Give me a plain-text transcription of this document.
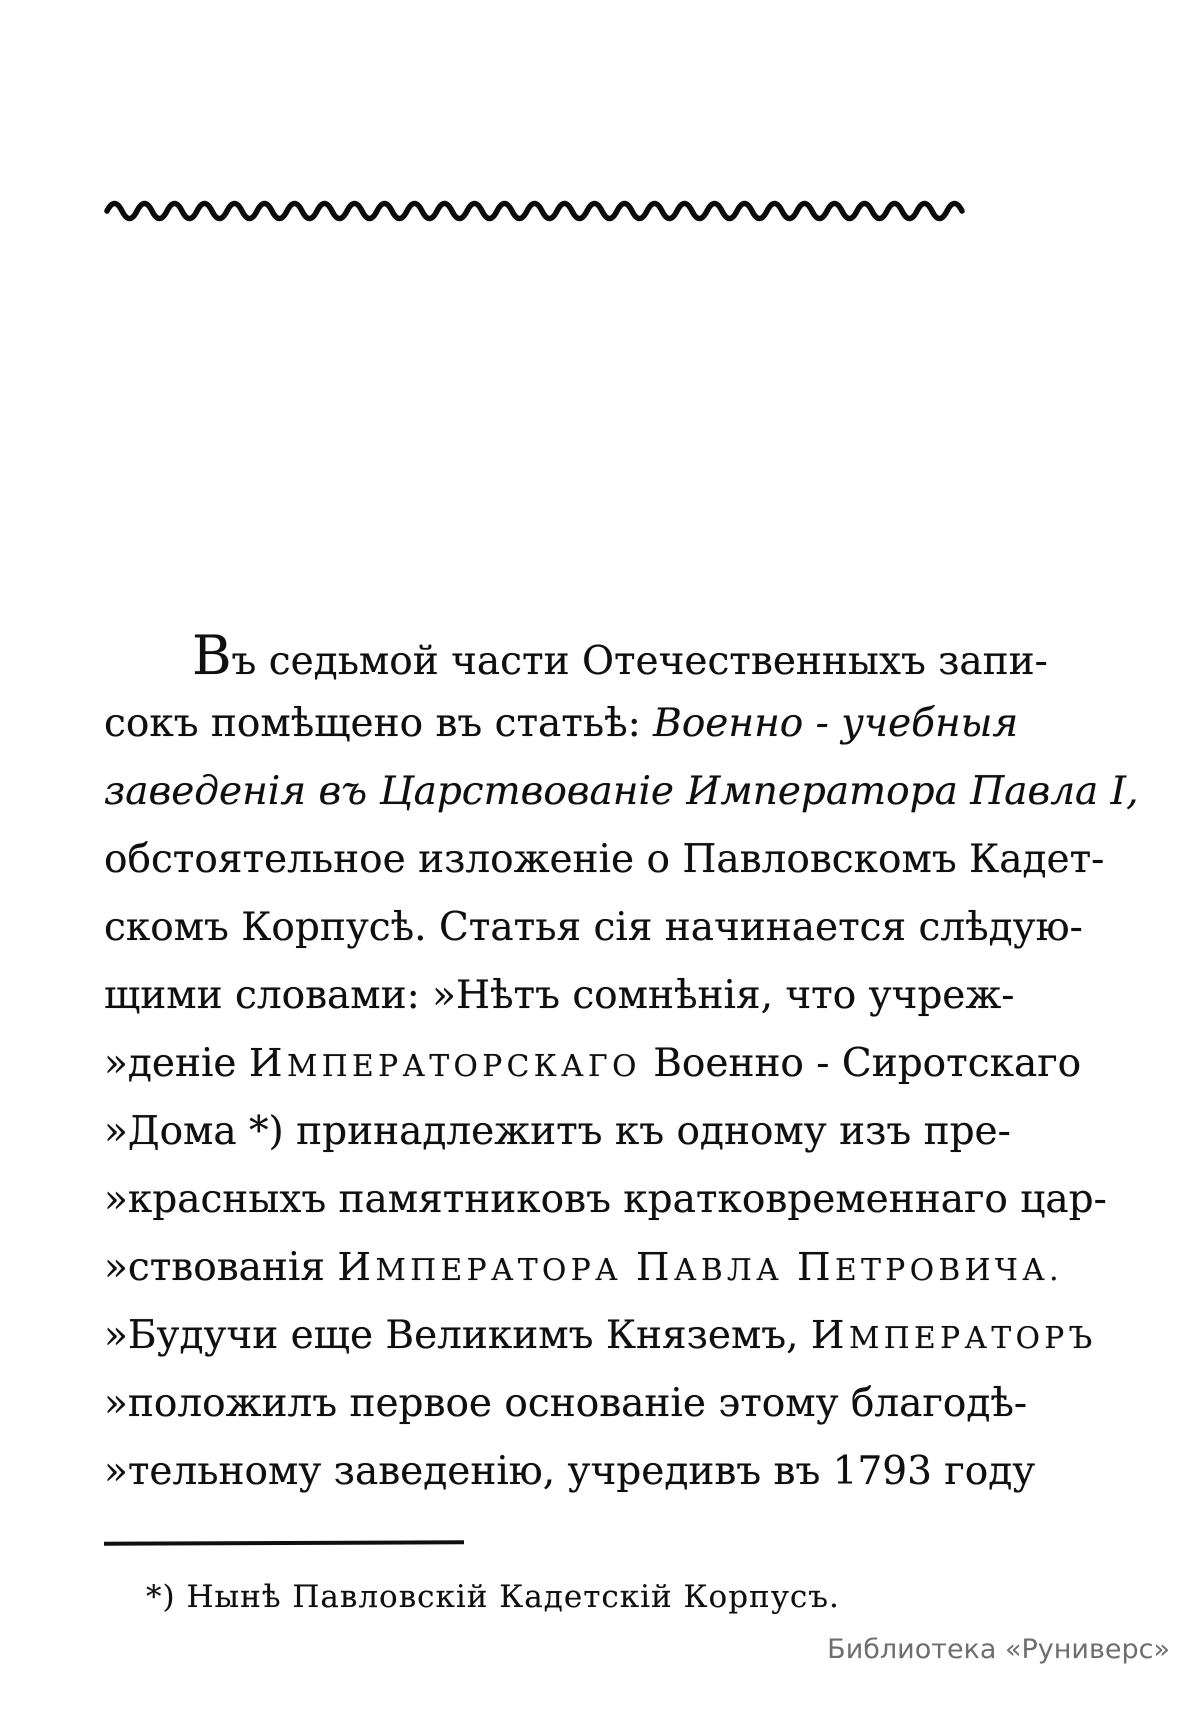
Въ седьмой части Отечественныхъ запи-
сокъ помѣщено въ статьѣ: Военно - учебныя
заведенія въ Царствованіе Императора Павла I,
обстоятельное изложеніе о Павловскомъ Кадет-
скомъ Корпусѣ. Статья сія начинается слѣдую-
щими словами: »Нѣтъ сомнѣнія, что учреж-
»деніе ИМПЕРАТОРСКАГО Военно - Сиротскаго
»Дома *) принадлежитъ къ одному изъ пре-
»красныхъ памятниковъ кратковременнаго цар-
»ствованія ИМПЕРАТОРА ПАВЛА ПЕТРОВИЧА.
»Будучи еще Великимъ Княземъ, ИМПЕРАТОРЪ
»положилъ первое основаніе этому благодѣ-
»тельному заведенію, учредивъ въ 1793 году
*) Нынѣ Павловскій Кадетскій Корпусъ.
Библиотека «Руниверс»
